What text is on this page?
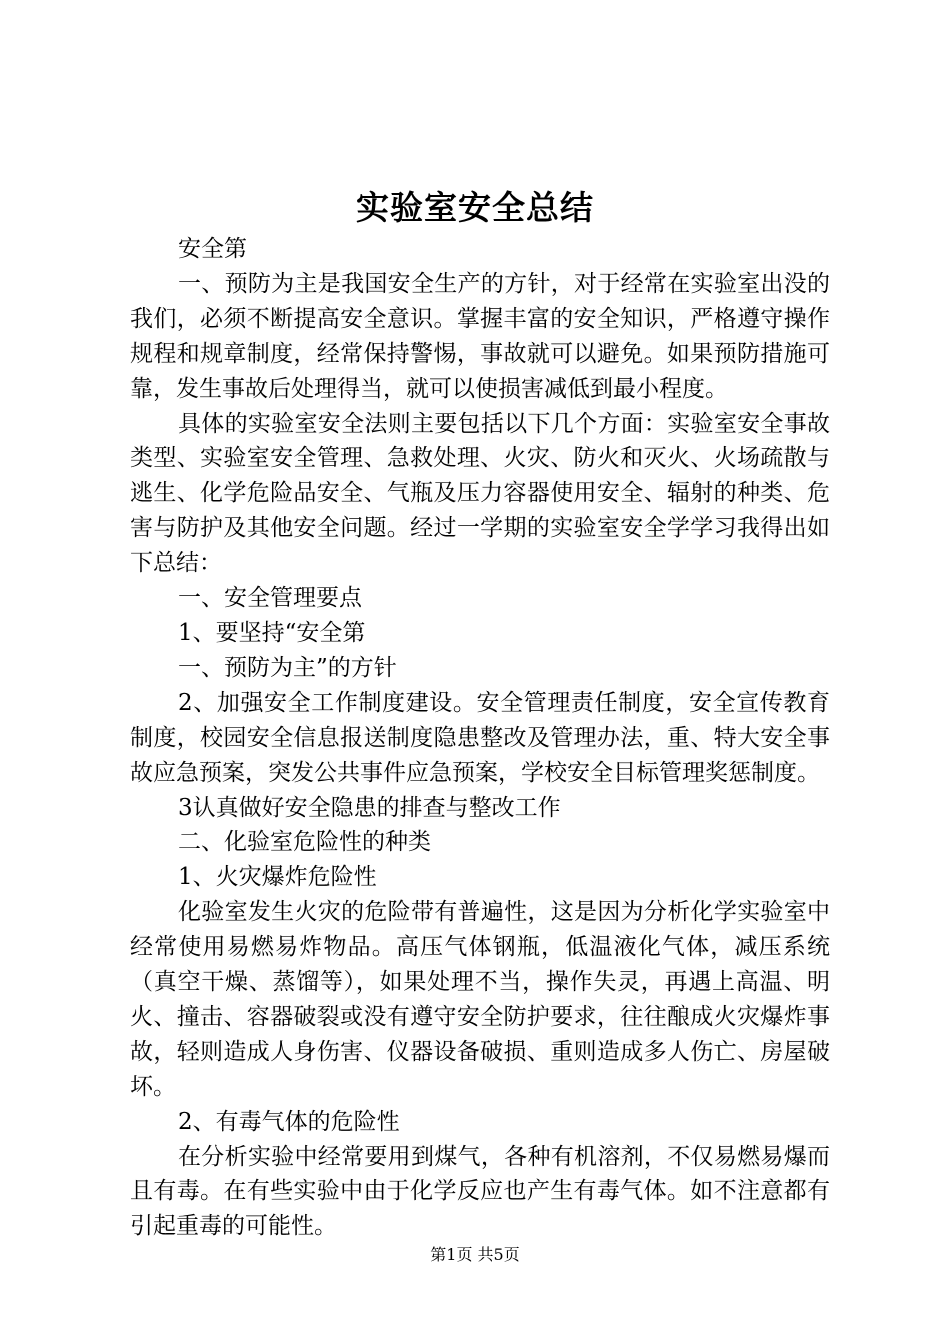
实验室安全总结

安全第

一、预防为主是我国安全生产的方针，对于经常在实验室出没的我们，必须不断提高安全意识。掌握丰富的安全知识，严格遵守操作规程和规章制度，经常保持警惕，事故就可以避免。如果预防措施可靠，发生事故后处理得当，就可以使损害减低到最小程度。

具体的实验室安全法则主要包括以下几个方面：实验室安全事故类型、实验室安全管理、急救处理、火灾、防火和灭火、火场疏散与逃生、化学危险品安全、气瓶及压力容器使用安全、辐射的种类、危害与防护及其他安全问题。经过一学期的实验室安全学学习我得出如下总结：

一、安全管理要点

1、要坚持“安全第

一、预防为主”的方针

2、加强安全工作制度建设。安全管理责任制度，安全宣传教育制度，校园安全信息报送制度隐患整改及管理办法，重、特大安全事故应急预案，突发公共事件应急预案，学校安全目标管理奖惩制度。

3认真做好安全隐患的排查与整改工作

二、化验室危险性的种类

1、火灾爆炸危险性

化验室发生火灾的危险带有普遍性，这是因为分析化学实验室中经常使用易燃易炸物品。高压气体钢瓶，低温液化气体，减压系统（真空干燥、蒸馏等），如果处理不当，操作失灵，再遇上高温、明火、撞击、容器破裂或没有遵守安全防护要求，往往酿成火灾爆炸事故，轻则造成人身伤害、仪器设备破损、重则造成多人伤亡、房屋破坏。

2、有毒气体的危险性

在分析实验中经常要用到煤气，各种有机溶剂，不仅易燃易爆而且有毒。在有些实验中由于化学反应也产生有毒气体。如不注意都有引起重毒的可能性。

第1页 共5页
